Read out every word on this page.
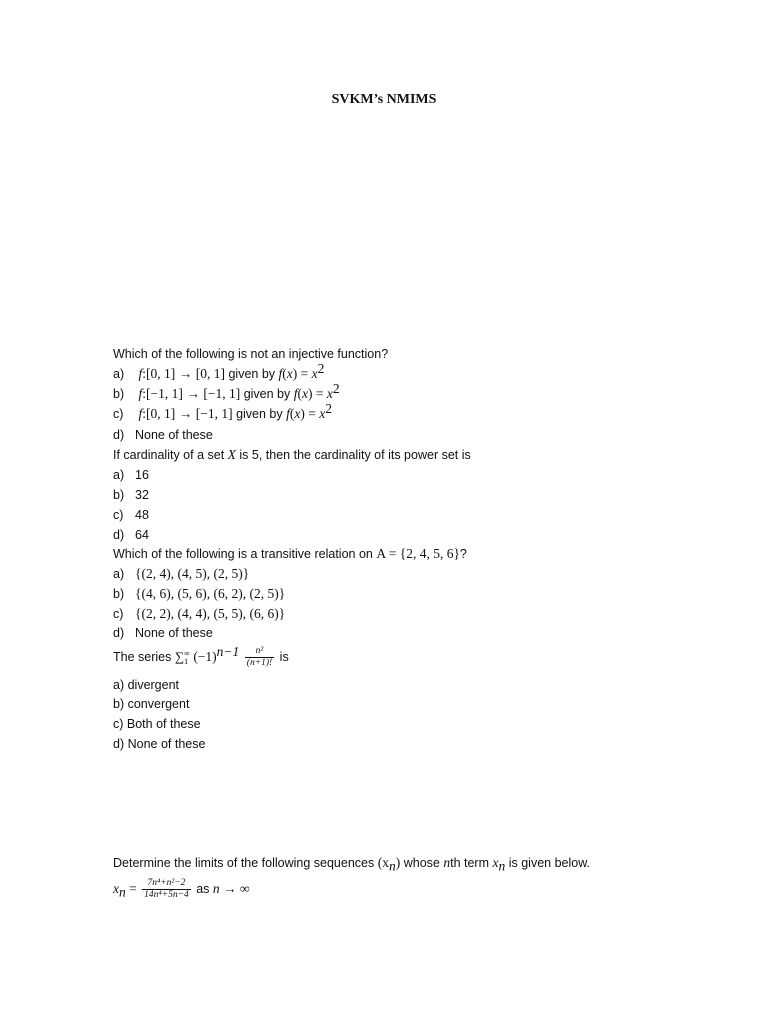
SVKM’s NMIMS
Which of the following is not an injective function?
a) f:[0, 1] → [0, 1] given by $f(x) = x^2$
b) f:[−1, 1] → [−1, 1] given by $f(x) = x^2$
c) f:[0, 1] → [−1, 1] given by $f(x) = x^2$
d) None of these
If cardinality of a set X is 5, then the cardinality of its power set is
a) 16
b) 32
c) 48
d) 64
Which of the following is a transitive relation on A = {2, 4, 5, 6}?
a) {(2, 4), (4, 5), (2, 5)}
b) {(4, 6), (5, 6), (6, 2), (2, 5)}
c) {(2, 2), (4, 4), (5, 5), (6, 6)}
d) None of these
The series ∑ ∞
1 $(-1)^{n-1} \frac{\text{n²}}{(n+1)!}$ is
a) divergent
b) convergent
c) Both of these
d) None of these
Determine the limits of the following sequences $(x_n)$ whose nth term $x_n$ is given below.
$x_n = \frac{\text{7n⁴+n²−2}}{\text{14n⁴+5n−4}}$ as n → ∞
